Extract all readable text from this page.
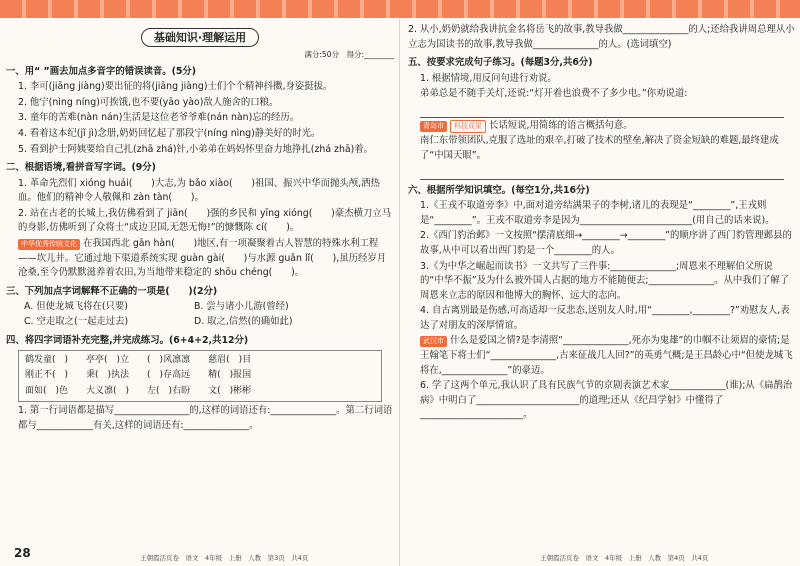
基础知识·理解运用
满分:50分　得分:________
一、用“ ”画去加点多音字的错误读音。(5分)
1. 李可(jiāng jiàng)要出征的将(jiāng jiàng)士们个个精神抖擞,身姿挺拔。
2. 他宁(nìng níng)可挨饿,也不要(yāo yào)敌人施舍的口粮。
3. 童年的苦难(nàn nán)生活是这位老爷爷难(nán nàn)忘的经历。
4. 看着这本纪(jǐ jì)念册,奶奶回忆起了那段宁(níng nìng)静美好的时光。
5. 看到护士阿姨要给自己扎(zhā zhá)针,小弟弟在妈妈怀里奋力地挣扎(zhá zhā)着。
二、根据语境,看拼音写字词。(9分)
1. 革命先烈们 xióng huái(　　)大志,为 bǎo xiào(　　)祖国、振兴中华而抛头颅,洒热血。他们的精神令人敬佩和 zàn tàn(　　)。
2. 站在古老的长城上,我仿佛看到了 jiān(　　)强的乡民和 yīng xióng(　　)豪杰横刀立马的身影,仿佛听到了众将士“成边卫国,无怨无悔!”的慷慨陈 cí(　　)。
中华优秀传统文化 在我国西北 gān hàn(　　)地区,有一项凝聚着古人智慧的特殊水利工程——坎儿井。它通过地下渠道系统实现 guàn gài(　　)与水源 guǎn lǐ(　　),虽历经岁月沧桑,至今仍默默滋养着农田,为当地带来稳定的 shōu chéng(　　)。
三、下列加点字词解释不正确的一项是(　　)(2分)
A. 但使龙城飞将在(只要)	B. 尝与诸小儿游(曾经)
C. 空走取之(一起走过去)	D. 取之,信然(的确如此)
四、将四字词语补充完整,并完成练习。(6+4+2,共12分)
鹤发童(　)　　亭亭(　)立　　(　)风凛凛　　慈眉(　)目
刚正不(　)　　秉(　)执法　　(　)存高远　　精(　)报国
面如(　)色　　大义凛(　)　　左(　)右盼　　文(　)彬彬
1. 第一行词语都是描写________________的,这样的词语还有:______________。第二行词语都与____________有关,这样的词语还有:______________。
2. 从小,奶奶就给我讲抗金名将岳飞的故事,教导我做______________的人;还给我讲周总理从小立志为国读书的故事,教导我做______________的人。(选词填空)
五、按要求完成句子练习。(每题3分,共6分)
1. 根据情境,用反问句进行劝说。
弟弟总是不随手关灯,还说:“灯开着也浪费不了多少电。”你劝说道:
青岛市 科技成果 长话短说,用简练的语言概括句意。
南仁东带领团队,克服了选址的艰辛,打破了技术的壁垒,解决了资金短缺的难题,最终建成了“中国天眼”。
六、根据所学知识填空。(每空1分,共16分)
1.《王戎不取道旁李》中,面对道旁结满果子的李树,诸儿的表现是“________”,王戎则是“________”。王戎不取道旁李是因为________________________(用自己的话来说)。
2.《西门豹治邺》一文按照“摆清底细→________→________”的顺序讲了西门豹管理邺县的故事,从中可以看出西门豹是一个________的人。
3.《为中华之崛起而读书》一文共写了三件事:______________;周恩来不理解伯父所说的“中华不振”及为什么被外国人占据的地方不能随便去;______________。从中我们了解了周恩来立志的原因和他博大的胸怀、远大的志向。
4. 自古离别最是伤感,可高适却一反悲态,送别友人时,用“________,________?”劝慰友人,表达了对朋友的深厚情谊。
武汉市 什么是爱国之情?是李清照“______________,死亦为鬼雄”的巾帼不让须眉的豪情;是王翰笔下将士们“______________,古来征战几人回?”的英勇气概;是王昌龄心中“但使龙城飞将在,______________”的豪迈。
6. 学了这两个单元,我认识了具有民族气节的京剧表演艺术家____________(谁);从《扁鹊治病》中明白了______________________的道理;还从《纪昌学射》中懂得了______________________。
28	王朝霞活页卷　语文　4年级　上册　人教　第3页　共4页	王朝霞活页卷　语文　4年级　上册　人教　第4页　共4页
